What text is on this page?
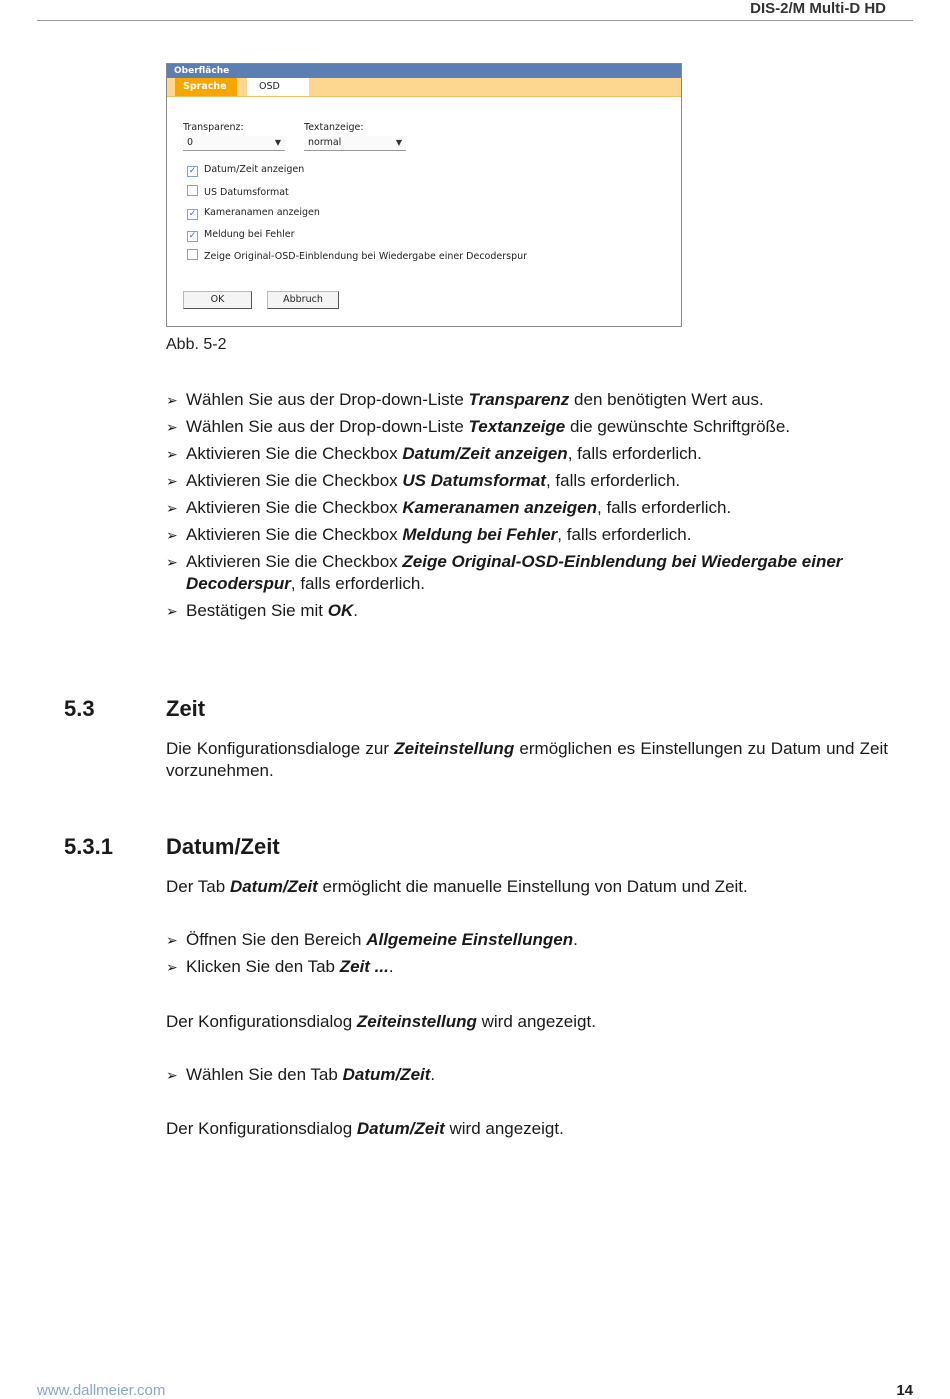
DIS-2/M Multi-D HD
Oberfläche
Sprache	OSD
Transparenz:
0	▼
Textanzeige:
normal	▼
✓ Datum/Zeit anzeigen
US Datumsformat
✓ Kameranamen anzeigen
✓ Meldung bei Fehler
Zeige Original-OSD-Einblendung bei Wiedergabe einer Decoderspur
OK	Abbruch
Abb. 5-2
➢ Wählen Sie aus der Drop-down-Liste Transparenz den benötigten Wert aus.
➢ Wählen Sie aus der Drop-down-Liste Textanzeige die gewünschte Schriftgröße.
➢ Aktivieren Sie die Checkbox Datum/Zeit anzeigen, falls erforderlich.
➢ Aktivieren Sie die Checkbox US Datumsformat, falls erforderlich.
➢ Aktivieren Sie die Checkbox Kameranamen anzeigen, falls erforderlich.
➢ Aktivieren Sie die Checkbox Meldung bei Fehler, falls erforderlich.
➢ Aktivieren Sie die Checkbox Zeige Original-OSD-Einblendung bei Wiedergabe einer Decoderspur, falls erforderlich.
➢ Bestätigen Sie mit OK.
5.3	Zeit
Die Konfigurationsdialoge zur Zeiteinstellung ermöglichen es Einstellungen zu Datum und Zeit vorzunehmen.
5.3.1 Datum/Zeit
Der Tab Datum/Zeit ermöglicht die manuelle Einstellung von Datum und Zeit.
➢ Öffnen Sie den Bereich Allgemeine Einstellungen.
➢ Klicken Sie den Tab Zeit ....
Der Konfigurationsdialog Zeiteinstellung wird angezeigt.
➢ Wählen Sie den Tab Datum/Zeit.
Der Konfigurationsdialog Datum/Zeit wird angezeigt.
www.dallmeier.com	14
